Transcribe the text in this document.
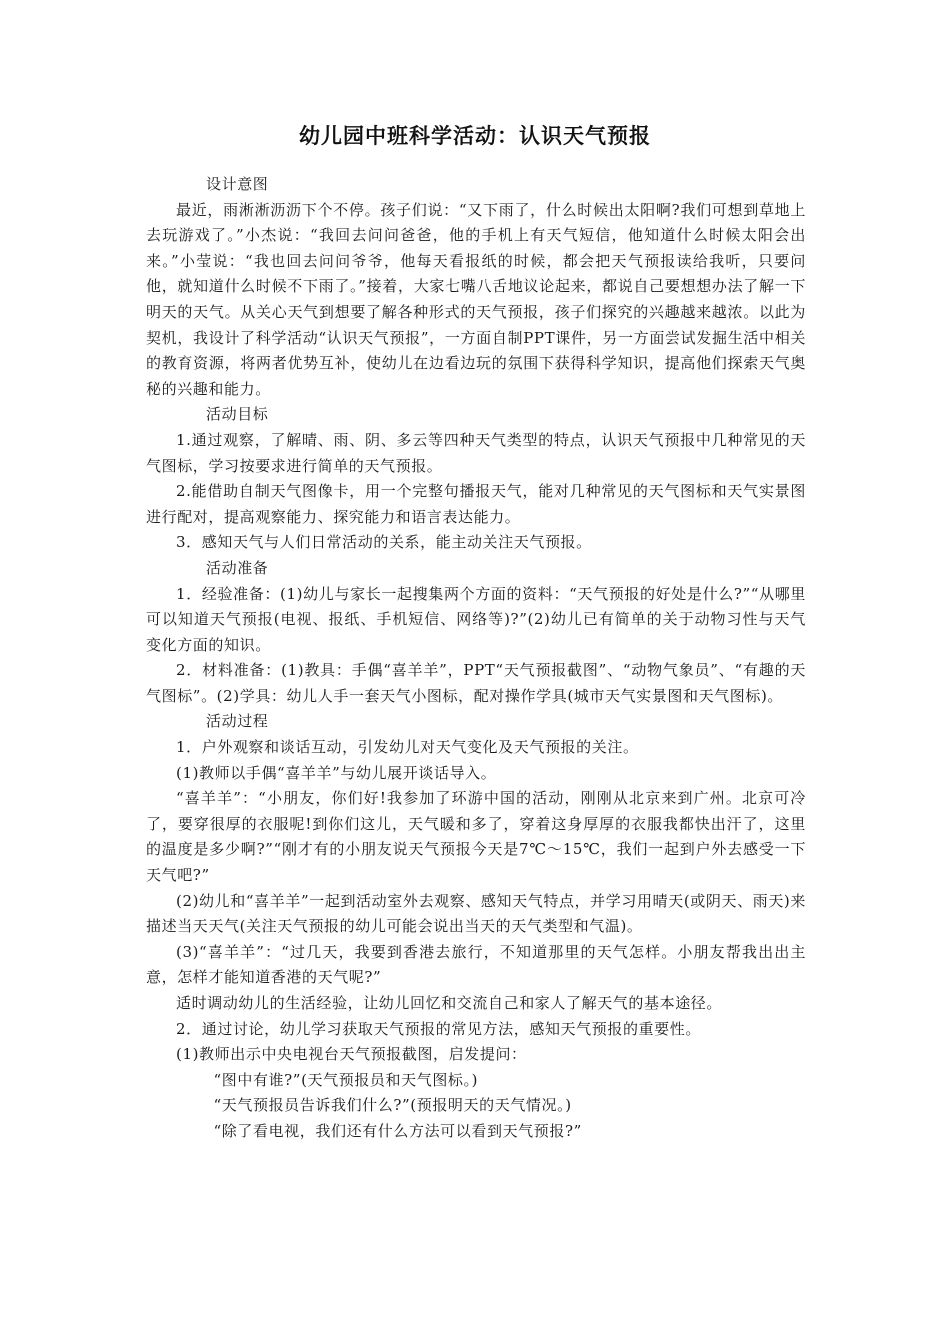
幼儿园中班科学活动：认识天气预报

设计意图

最近，雨淅淅沥沥下个不停。孩子们说：“又下雨了，什么时候出太阳啊?我们可想到草地上去玩游戏了。”小杰说：“我回去问问爸爸，他的手机上有天气短信，他知道什么时候太阳会出来。”小莹说：“我也回去问问爷爷，他每天看报纸的时候，都会把天气预报读给我听，只要问他，就知道什么时候不下雨了。”接着，大家七嘴八舌地议论起来，都说自己要想想办法了解一下明天的天气。从关心天气到想要了解各种形式的天气预报，孩子们探究的兴趣越来越浓。以此为契机，我设计了科学活动“认识天气预报”，一方面自制PPT课件，另一方面尝试发掘生活中相关的教育资源，将两者优势互补，使幼儿在边看边玩的氛围下获得科学知识，提高他们探索天气奥秘的兴趣和能力。

活动目标

1.通过观察，了解晴、雨、阴、多云等四种天气类型的特点，认识天气预报中几种常见的天气图标，学习按要求进行简单的天气预报。

2.能借助自制天气图像卡，用一个完整句播报天气，能对几种常见的天气图标和天气实景图进行配对，提高观察能力、探究能力和语言表达能力。

3．感知天气与人们日常活动的关系，能主动关注天气预报。

活动准备

1．经验准备：(1)幼儿与家长一起搜集两个方面的资料：“天气预报的好处是什么?”“从哪里可以知道天气预报(电视、报纸、手机短信、网络等)?”(2)幼儿已有简单的关于动物习性与天气变化方面的知识。

2．材料准备：(1)教具：手偶“喜羊羊”，PPT“天气预报截图”、“动物气象员”、“有趣的天气图标”。(2)学具：幼儿人手一套天气小图标，配对操作学具(城市天气实景图和天气图标)。

活动过程

1．户外观察和谈话互动，引发幼儿对天气变化及天气预报的关注。

(1)教师以手偶“喜羊羊”与幼儿展开谈话导入。

“喜羊羊”：“小朋友，你们好!我参加了环游中国的活动，刚刚从北京来到广州。北京可冷了，要穿很厚的衣服呢!到你们这儿，天气暖和多了，穿着这身厚厚的衣服我都快出汗了，这里的温度是多少啊?”“刚才有的小朋友说天气预报今天是7℃～15℃，我们一起到户外去感受一下天气吧?”

(2)幼儿和“喜羊羊”一起到活动室外去观察、感知天气特点，并学习用晴天(或阴天、雨天)来描述当天天气(关注天气预报的幼儿可能会说出当天的天气类型和气温)。

(3)“喜羊羊”：“过几天，我要到香港去旅行，不知道那里的天气怎样。小朋友帮我出出主意，怎样才能知道香港的天气呢?”

适时调动幼儿的生活经验，让幼儿回忆和交流自己和家人了解天气的基本途径。

2．通过讨论，幼儿学习获取天气预报的常见方法，感知天气预报的重要性。

(1)教师出示中央电视台天气预报截图，启发提问：

“图中有谁?”(天气预报员和天气图标。)

“天气预报员告诉我们什么?”(预报明天的天气情况。)

“除了看电视，我们还有什么方法可以看到天气预报?”
